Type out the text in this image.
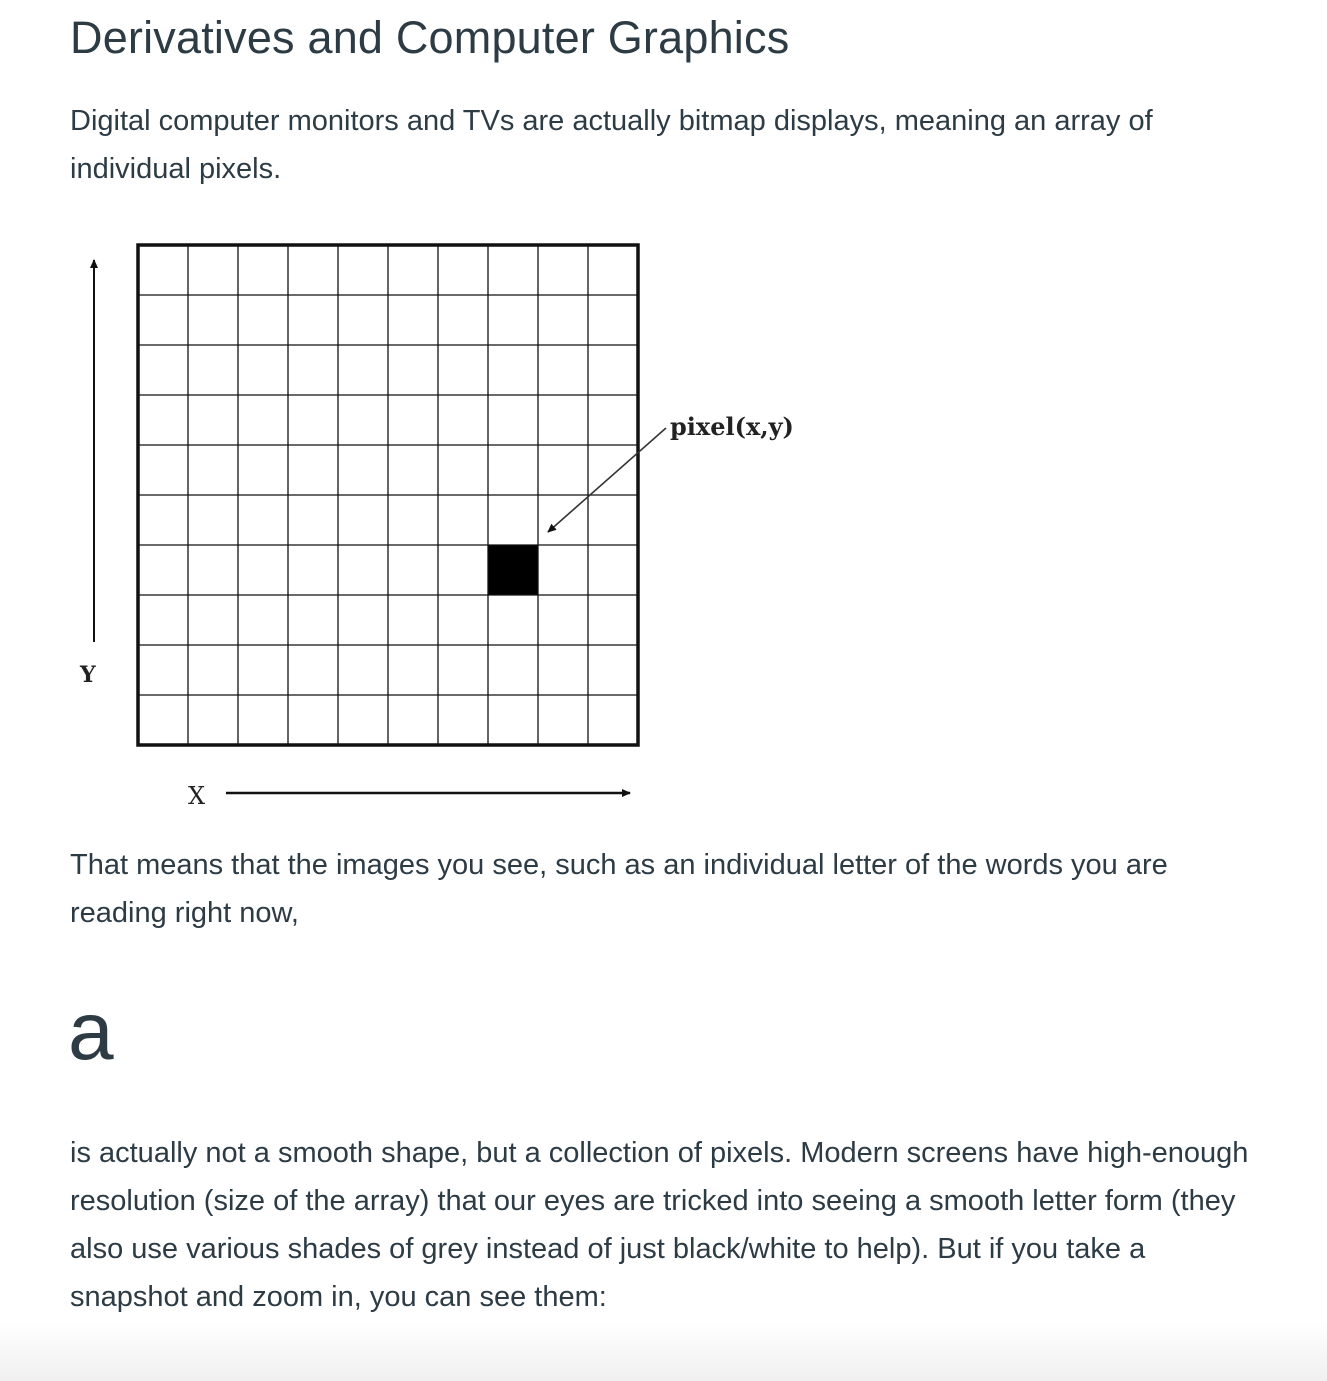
Derivatives and Computer Graphics

Digital computer monitors and TVs are actually bitmap displays, meaning an array of individual pixels.

Y
X
pixel(x,y)

That means that the images you see, such as an individual letter of the words you are reading right now,

a

is actually not a smooth shape, but a collection of pixels. Modern screens have high-enough resolution (size of the array) that our eyes are tricked into seeing a smooth letter form (they also use various shades of grey instead of just black/white to help). But if you take a snapshot and zoom in, you can see them:
